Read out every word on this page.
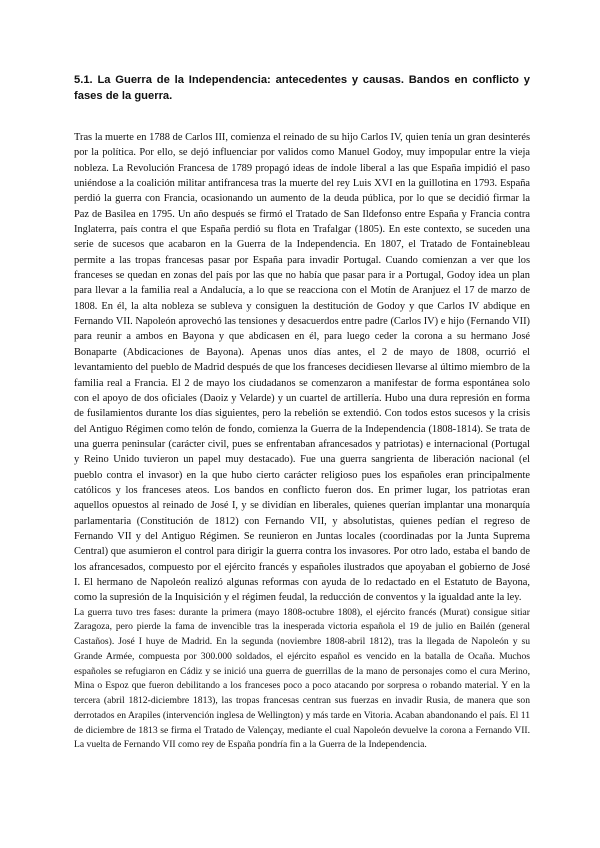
5.1. La Guerra de la Independencia: antecedentes y causas. Bandos en conflicto y fases de la guerra.

Tras la muerte en 1788 de Carlos III, comienza el reinado de su hijo Carlos IV, quien tenía un gran desinterés por la política. Por ello, se dejó influenciar por validos como Manuel Godoy, muy impopular entre la vieja nobleza. La Revolución Francesa de 1789 propagó ideas de índole liberal a las que España impidió el paso uniéndose a la coalición militar antifrancesa tras la muerte del rey Luis XVI en la guillotina en 1793. España perdió la guerra con Francia, ocasionando un aumento de la deuda pública, por lo que se decidió firmar la Paz de Basilea en 1795. Un año después se firmó el Tratado de San Ildefonso entre España y Francia contra Inglaterra, país contra el que España perdió su flota en Trafalgar (1805). En este contexto, se suceden una serie de sucesos que acabaron en la Guerra de la Independencia. En 1807, el Tratado de Fontainebleau permite a las tropas francesas pasar por España para invadir Portugal. Cuando comienzan a ver que los franceses se quedan en zonas del país por las que no había que pasar para ir a Portugal, Godoy idea un plan para llevar a la familia real a Andalucía, a lo que se reacciona con el Motín de Aranjuez el 17 de marzo de 1808. En él, la alta nobleza se subleva y consiguen la destitución de Godoy y que Carlos IV abdique en Fernando VII. Napoleón aprovechó las tensiones y desacuerdos entre padre (Carlos IV) e hijo (Fernando VII) para reunir a ambos en Bayona y que abdicasen en él, para luego ceder la corona a su hermano José Bonaparte (Abdicaciones de Bayona). Apenas unos días antes, el 2 de mayo de 1808, ocurrió el levantamiento del pueblo de Madrid después de que los franceses decidiesen llevarse al último miembro de la familia real a Francia. El 2 de mayo los ciudadanos se comenzaron a manifestar de forma espontánea solo con el apoyo de dos oficiales (Daoiz y Velarde) y un cuartel de artillería. Hubo una dura represión en forma de fusilamientos durante los días siguientes, pero la rebelión se extendió. Con todos estos sucesos y la crisis del Antiguo Régimen como telón de fondo, comienza la Guerra de la Independencia (1808-1814). Se trata de una guerra peninsular (carácter civil, pues se enfrentaban afrancesados y patriotas) e internacional (Portugal y Reino Unido tuvieron un papel muy destacado). Fue una guerra sangrienta de liberación nacional (el pueblo contra el invasor) en la que hubo cierto carácter religioso pues los españoles eran principalmente católicos y los franceses ateos. Los bandos en conflicto fueron dos. En primer lugar, los patriotas eran aquellos opuestos al reinado de José I, y se dividían en liberales, quienes querían implantar una monarquía parlamentaria (Constitución de 1812) con Fernando VII, y absolutistas, quienes pedían el regreso de Fernando VII y del Antiguo Régimen. Se reunieron en Juntas locales (coordinadas por la Junta Suprema Central) que asumieron el control para dirigir la guerra contra los invasores. Por otro lado, estaba el bando de los afrancesados, compuesto por el ejército francés y españoles ilustrados que apoyaban el gobierno de José I. El hermano de Napoleón realizó algunas reformas con ayuda de lo redactado en el Estatuto de Bayona, como la supresión de la Inquisición y el régimen feudal, la reducción de conventos y la igualdad ante la ley.

La guerra tuvo tres fases: durante la primera (mayo 1808-octubre 1808), el ejército francés (Murat) consigue sitiar Zaragoza, pero pierde la fama de invencible tras la inesperada victoria española el 19 de julio en Bailén (general Castaños). José I huye de Madrid. En la segunda (noviembre 1808-abril 1812), tras la llegada de Napoleón y su Grande Armée, compuesta por 300.000 soldados, el ejército español es vencido en la batalla de Ocaña. Muchos españoles se refugiaron en Cádiz y se inició una guerra de guerrillas de la mano de personajes como el cura Merino, Mina o Espoz que fueron debilitando a los franceses poco a poco atacando por sorpresa o robando material. Y en la tercera (abril 1812-diciembre 1813), las tropas francesas centran sus fuerzas en invadir Rusia, de manera que son derrotados en Arapiles (intervención inglesa de Wellington) y más tarde en Vitoria. Acaban abandonando el país. El 11 de diciembre de 1813 se firma el Tratado de Valençay, mediante el cual Napoleón devuelve la corona a Fernando VII. La vuelta de Fernando VII como rey de España pondría fin a la Guerra de la Independencia.
